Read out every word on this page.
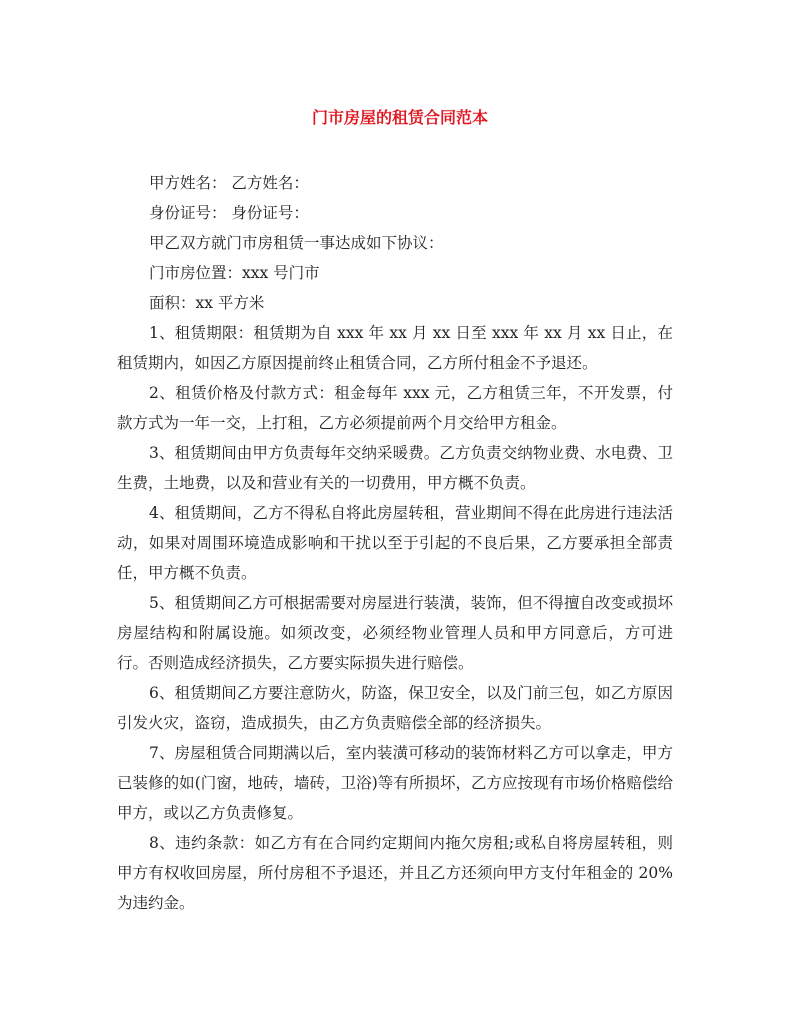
门市房屋的租赁合同范本

甲方姓名： 乙方姓名：

身份证号： 身份证号：

甲乙双方就门市房租赁一事达成如下协议：

门市房位置：xxx 号门市

面积：xx 平方米

1、租赁期限：租赁期为自 xxx 年 xx 月 xx 日至 xxx 年 xx 月 xx 日止，在租赁期内，如因乙方原因提前终止租赁合同，乙方所付租金不予退还。

2、租赁价格及付款方式：租金每年 xxx 元，乙方租赁三年，不开发票，付款方式为一年一交，上打租，乙方必须提前两个月交给甲方租金。

3、租赁期间由甲方负责每年交纳采暖费。乙方负责交纳物业费、水电费、卫生费，土地费，以及和营业有关的一切费用，甲方概不负责。

4、租赁期间，乙方不得私自将此房屋转租，营业期间不得在此房进行违法活动，如果对周围环境造成影响和干扰以至于引起的不良后果，乙方要承担全部责任，甲方概不负责。

5、租赁期间乙方可根据需要对房屋进行装潢，装饰，但不得擅自改变或损坏房屋结构和附属设施。如须改变，必须经物业管理人员和甲方同意后，方可进行。否则造成经济损失，乙方要实际损失进行赔偿。

6、租赁期间乙方要注意防火，防盗，保卫安全，以及门前三包，如乙方原因引发火灾，盗窃，造成损失，由乙方负责赔偿全部的经济损失。

7、房屋租赁合同期满以后，室内装潢可移动的装饰材料乙方可以拿走，甲方已装修的如(门窗，地砖，墙砖，卫浴)等有所损坏，乙方应按现有市场价格赔偿给甲方，或以乙方负责修复。

8、违约条款：如乙方有在合同约定期间内拖欠房租;或私自将房屋转租，则甲方有权收回房屋，所付房租不予退还，并且乙方还须向甲方支付年租金的 20% 为违约金。
